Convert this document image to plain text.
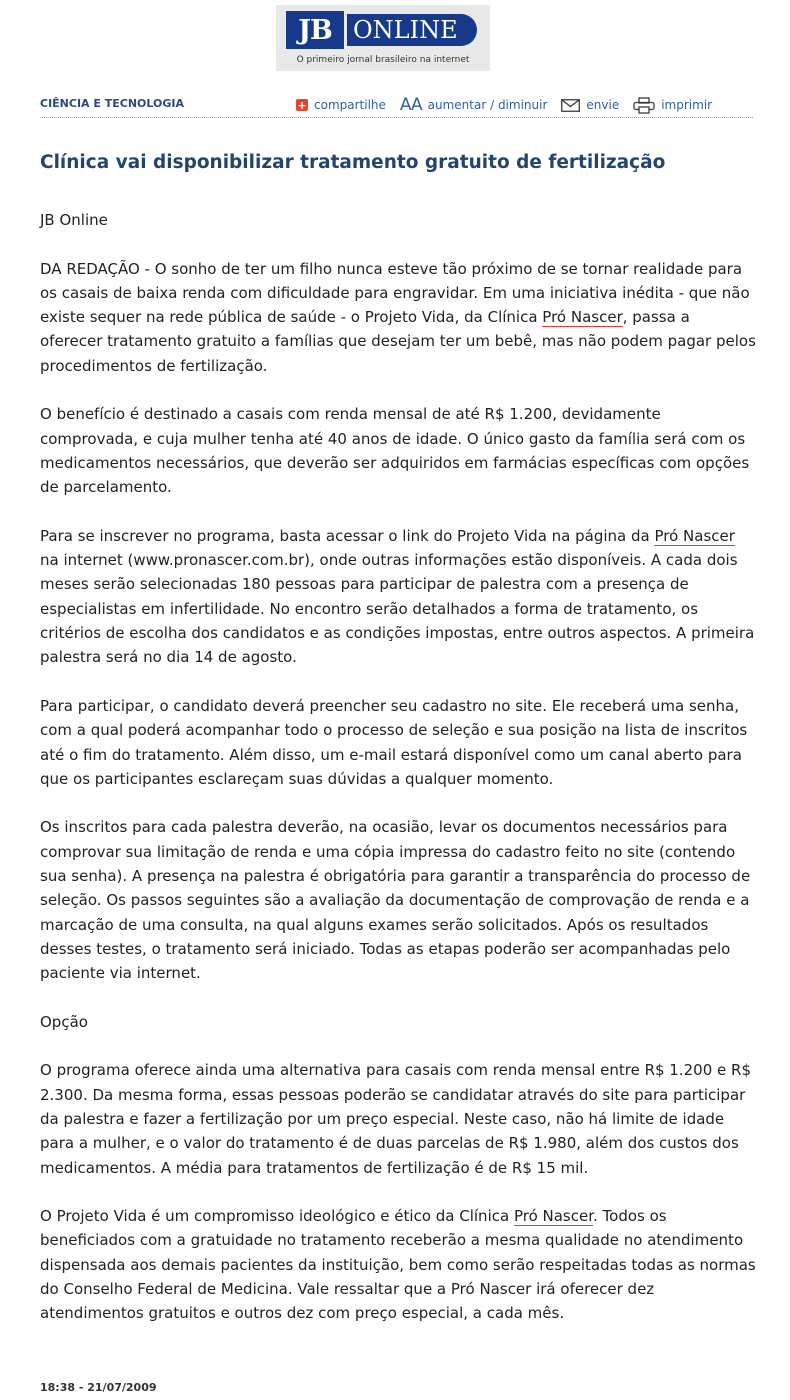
JB ONLINE
O primeiro jornal brasileiro na internet
CIÊNCIA E TECNOLOGIA	+ compartilhe AA aumentar / diminuir	envie	imprimir
Clínica vai disponibilizar tratamento gratuito de fertilização

JB Online

DA REDAÇÃO - O sonho de ter um filho nunca esteve tão próximo de se tornar realidade para os casais de baixa renda com dificuldade para engravidar. Em uma iniciativa inédita - que não existe sequer na rede pública de saúde - o Projeto Vida, da Clínica Pró Nascer, passa a oferecer tratamento gratuito a famílias que desejam ter um bebê, mas não podem pagar pelos procedimentos de fertilização.

O benefício é destinado a casais com renda mensal de até R$ 1.200, devidamente comprovada, e cuja mulher tenha até 40 anos de idade. O único gasto da família será com os medicamentos necessários, que deverão ser adquiridos em farmácias específicas com opções de parcelamento.

Para se inscrever no programa, basta acessar o link do Projeto Vida na página da Pró Nascer na internet (www.pronascer.com.br), onde outras informações estão disponíveis. A cada dois meses serão selecionadas 180 pessoas para participar de palestra com a presença de especialistas em infertilidade. No encontro serão detalhados a forma de tratamento, os critérios de escolha dos candidatos e as condições impostas, entre outros aspectos. A primeira palestra será no dia 14 de agosto.

Para participar, o candidato deverá preencher seu cadastro no site. Ele receberá uma senha, com a qual poderá acompanhar todo o processo de seleção e sua posição na lista de inscritos até o fim do tratamento. Além disso, um e-mail estará disponível como um canal aberto para que os participantes esclareçam suas dúvidas a qualquer momento.

Os inscritos para cada palestra deverão, na ocasião, levar os documentos necessários para comprovar sua limitação de renda e uma cópia impressa do cadastro feito no site (contendo sua senha). A presença na palestra é obrigatória para garantir a transparência do processo de seleção. Os passos seguintes são a avaliação da documentação de comprovação de renda e a marcação de uma consulta, na qual alguns exames serão solicitados. Após os resultados desses testes, o tratamento será iniciado. Todas as etapas poderão ser acompanhadas pelo paciente via internet.

Opção

O programa oferece ainda uma alternativa para casais com renda mensal entre R$ 1.200 e R$ 2.300. Da mesma forma, essas pessoas poderão se candidatar através do site para participar da palestra e fazer a fertilização por um preço especial. Neste caso, não há limite de idade para a mulher, e o valor do tratamento é de duas parcelas de R$ 1.980, além dos custos dos medicamentos. A média para tratamentos de fertilização é de R$ 15 mil.

O Projeto Vida é um compromisso ideológico e ético da Clínica Pró Nascer. Todos os beneficiados com a gratuidade no tratamento receberão a mesma qualidade no atendimento dispensada aos demais pacientes da instituição, bem como serão respeitadas todas as normas do Conselho Federal de Medicina. Vale ressaltar que a Pró Nascer irá oferecer dez atendimentos gratuitos e outros dez com preço especial, a cada mês.

18:38 - 21/07/2009
